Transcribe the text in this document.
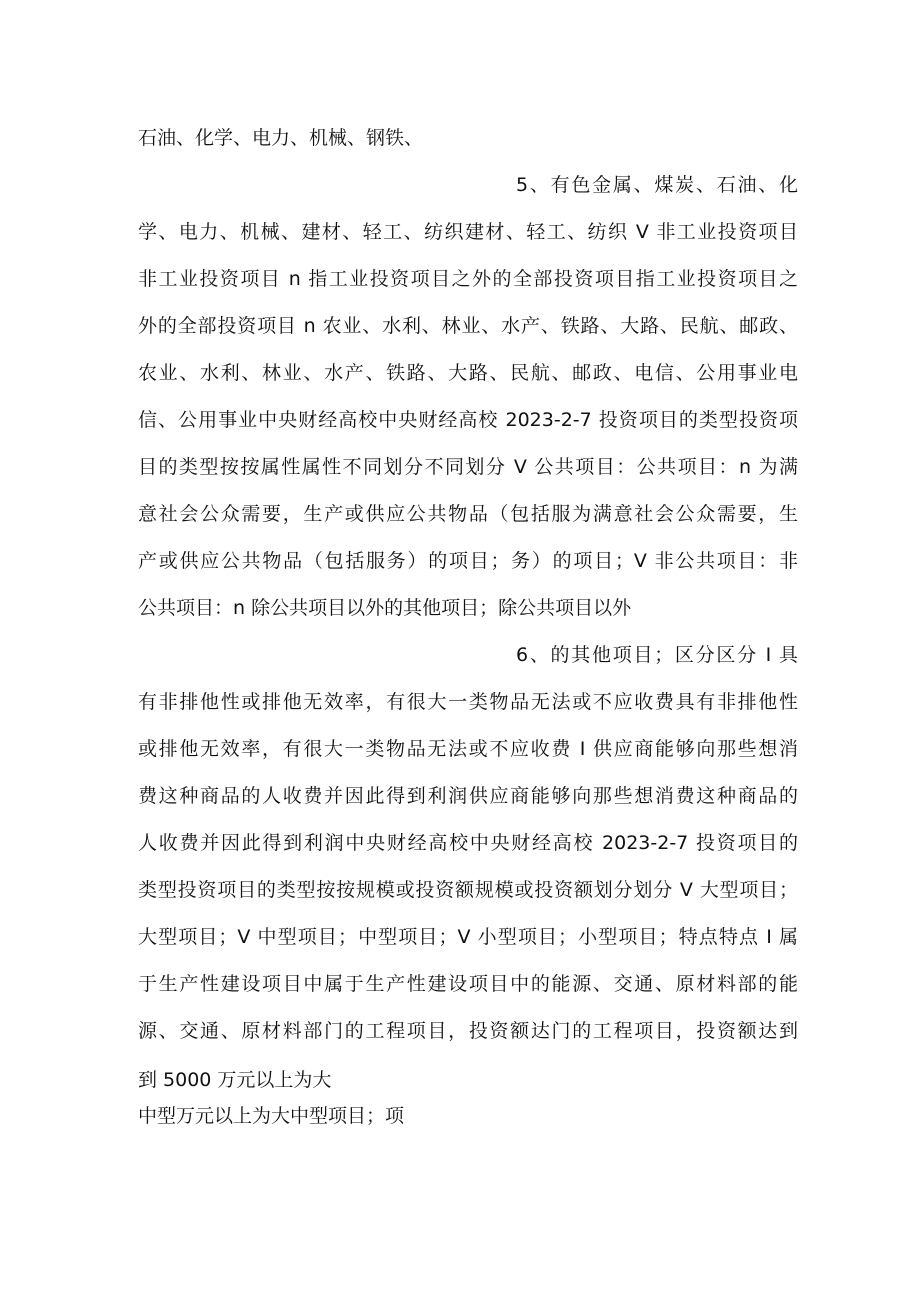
石油、化学、电力、机械、钢铁、
5、有色金属、煤炭、石油、化
学、电力、机械、建材、轻工、纺织建材、轻工、纺织 V 非工业投资项目
非工业投资项目 n 指工业投资项目之外的全部投资项目指工业投资项目之
外的全部投资项目 n 农业、水利、林业、水产、铁路、大路、民航、邮政、
农业、水利、林业、水产、铁路、大路、民航、邮政、电信、公用事业电
信、公用事业中央财经高校中央财经高校 2023-2-7 投资项目的类型投资项
目的类型按按属性属性不同划分不同划分 V 公共项目：公共项目：n 为满
意社会公众需要，生产或供应公共物品（包括服为满意社会公众需要，生
产或供应公共物品（包括服务）的项目；务）的项目；V 非公共项目：非
公共项目：n 除公共项目以外的其他项目；除公共项目以外
6、的其他项目；区分区分 I 具
有非排他性或排他无效率，有很大一类物品无法或不应收费具有非排他性
或排他无效率，有很大一类物品无法或不应收费 I 供应商能够向那些想消
费这种商品的人收费并因此得到利润供应商能够向那些想消费这种商品的
人收费并因此得到利润中央财经高校中央财经高校 2023-2-7 投资项目的
类型投资项目的类型按按规模或投资额规模或投资额划分划分 V 大型项目；
大型项目；V 中型项目；中型项目；V 小型项目；小型项目；特点特点 I 属
于生产性建设项目中属于生产性建设项目中的能源、交通、原材料部的能
源、交通、原材料部门的工程项目，投资额达门的工程项目，投资额达到
到 5000 万元以上为大
中型万元以上为大中型项目；项
